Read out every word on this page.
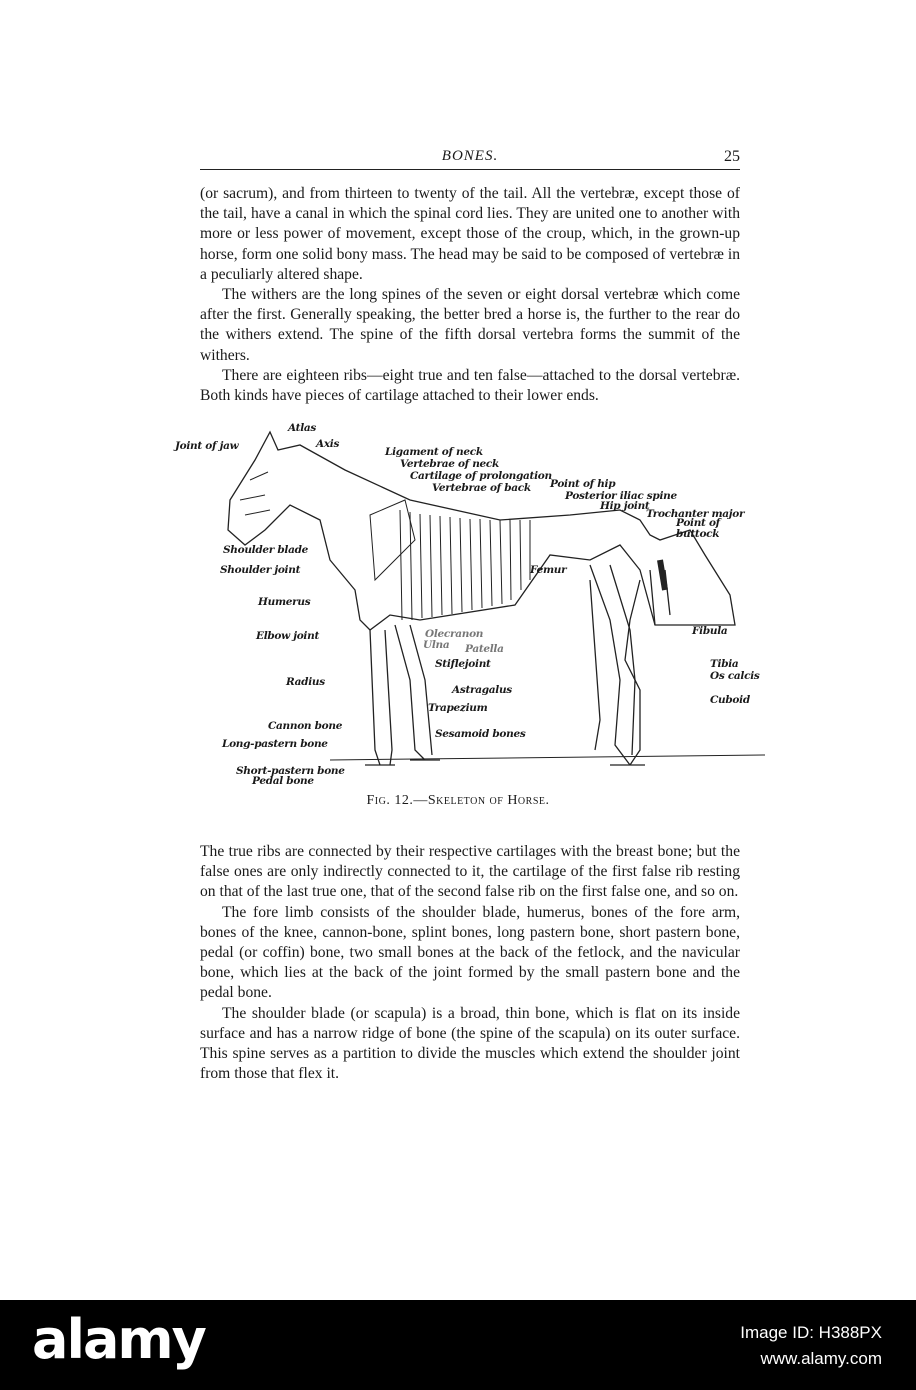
BONES.	25

(or sacrum), and from thirteen to twenty of the tail. All the vertebræ, except those of the tail, have a canal in which the spinal cord lies. They are united one to another with more or less power of movement, except those of the croup, which, in the grown-up horse, form one solid bony mass. The head may be said to be composed of vertebræ in a peculiarly altered shape.

The withers are the long spines of the seven or eight dorsal vertebræ which come after the first. Generally speaking, the better bred a horse is, the further to the rear do the withers extend. The spine of the fifth dorsal vertebra forms the summit of the withers.

There are eighteen ribs—eight true and ten false—attached to the dorsal vertebræ. Both kinds have pieces of cartilage attached to their lower ends.

Joint of jaw
Atlas
Axis
Ligament of neck
Vertebrae of neck
Cartilage of prolongation
Vertebrae of back Point of hip
Posterior iliac spine
Hip joint
Trochanter major
Point of buttock
Shoulder blade
Shoulder joint	Femur
Humerus
Elbow joint	Olecranon
Ulna Patella
Stiflejoint
Fibula
Tibia
Os calcis
Radius
Astragalus
Cuboid
Trapezium
Cannon bone
Sesamoid bones
Long-pastern bone
Short-pastern bone
Pedal bone
Fig. 12.—Skeleton of Horse.

The true ribs are connected by their respective cartilages with the breast bone; but the false ones are only indirectly connected to it, the cartilage of the first false rib resting on that of the last true one, that of the second false rib on the first false one, and so on.

The fore limb consists of the shoulder blade, humerus, bones of the fore arm, bones of the knee, cannon-bone, splint bones, long pastern bone, short pastern bone, pedal (or coffin) bone, two small bones at the back of the fetlock, and the navicular bone, which lies at the back of the joint formed by the small pastern bone and the pedal bone.

The shoulder blade (or scapula) is a broad, thin bone, which is flat on its inside surface and has a narrow ridge of bone (the spine of the scapula) on its outer surface. This spine serves as a partition to divide the muscles which extend the shoulder joint from those that flex it.

alamy	Image ID: H388PX
www.alamy.com
